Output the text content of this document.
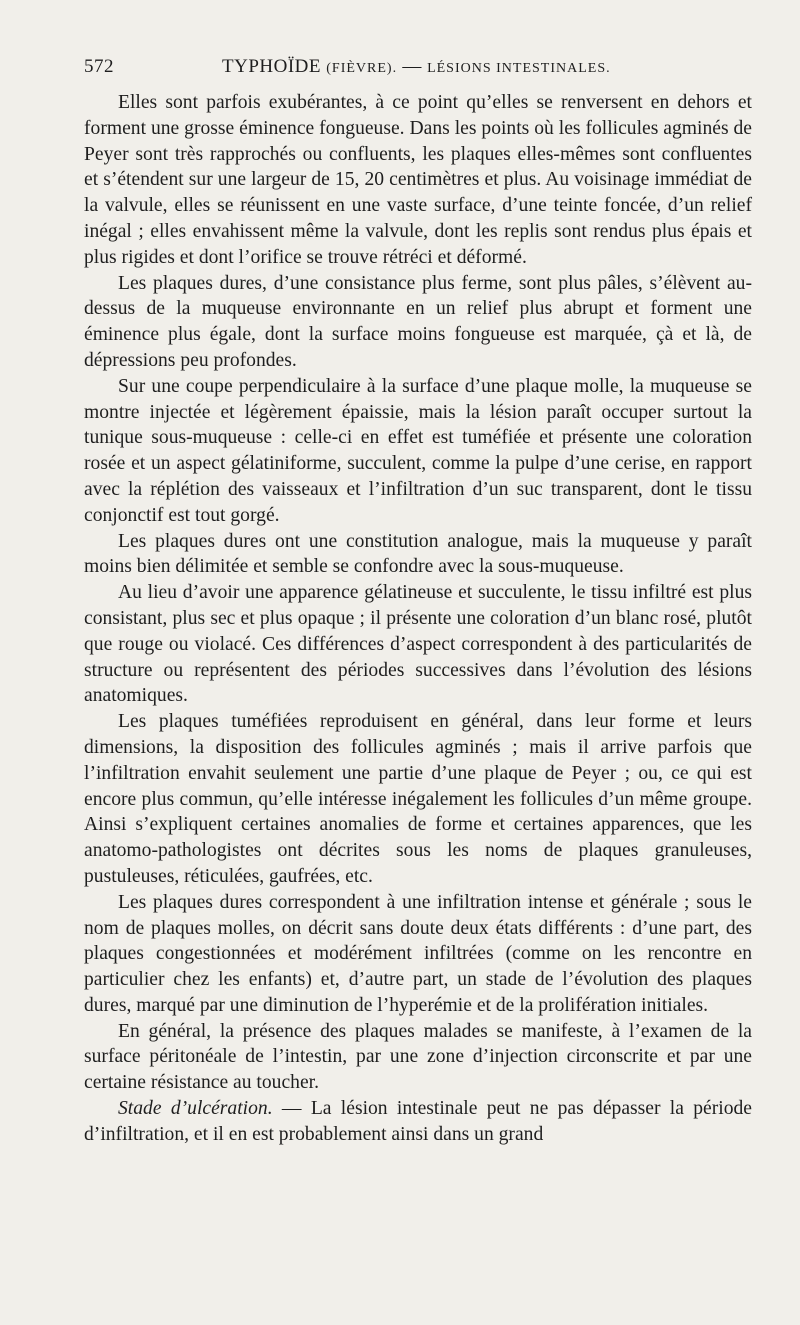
572	TYPHOÏDE (FIÈVRE). — LÉSIONS INTESTINALES.

Elles sont parfois exubérantes, à ce point qu’elles se renversent en dehors et forment une grosse éminence fongueuse. Dans les points où les follicules agminés de Peyer sont très rapprochés ou confluents, les plaques elles-mêmes sont confluentes et s’étendent sur une largeur de 15, 20 centimètres et plus. Au voisinage immédiat de la valvule, elles se réunissent en une vaste surface, d’une teinte foncée, d’un relief inégal ; elles envahissent même la valvule, dont les replis sont rendus plus épais et plus rigides et dont l’orifice se trouve rétréci et déformé.

Les plaques dures, d’une consistance plus ferme, sont plus pâles, s’élèvent au-dessus de la muqueuse environnante en un relief plus abrupt et forment une éminence plus égale, dont la surface moins fongueuse est marquée, çà et là, de dépressions peu profondes.

Sur une coupe perpendiculaire à la surface d’une plaque molle, la muqueuse se montre injectée et légèrement épaissie, mais la lésion paraît occuper surtout la tunique sous-muqueuse : celle-ci en effet est tuméfiée et présente une coloration rosée et un aspect gélatiniforme, succulent, comme la pulpe d’une cerise, en rapport avec la réplétion des vaisseaux et l’infiltration d’un suc transparent, dont le tissu conjonctif est tout gorgé.

Les plaques dures ont une constitution analogue, mais la muqueuse y paraît moins bien délimitée et semble se confondre avec la sous-muqueuse.

Au lieu d’avoir une apparence gélatineuse et succulente, le tissu infiltré est plus consistant, plus sec et plus opaque ; il présente une coloration d’un blanc rosé, plutôt que rouge ou violacé. Ces différences d’aspect correspondent à des particularités de structure ou représentent des périodes successives dans l’évolution des lésions anatomiques.

Les plaques tuméfiées reproduisent en général, dans leur forme et leurs dimensions, la disposition des follicules agminés ; mais il arrive parfois que l’infiltration envahit seulement une partie d’une plaque de Peyer ; ou, ce qui est encore plus commun, qu’elle intéresse inégalement les follicules d’un même groupe. Ainsi s’expliquent certaines anomalies de forme et certaines apparences, que les anatomo-pathologistes ont décrites sous les noms de plaques granuleuses, pustuleuses, réticulées, gaufrées, etc.

Les plaques dures correspondent à une infiltration intense et générale ; sous le nom de plaques molles, on décrit sans doute deux états différents : d’une part, des plaques congestionnées et modérément infiltrées (comme on les rencontre en particulier chez les enfants) et, d’autre part, un stade de l’évolution des plaques dures, marqué par une diminution de l’hyperémie et de la prolifération initiales.

En général, la présence des plaques malades se manifeste, à l’examen de la surface péritonéale de l’intestin, par une zone d’injection circonscrite et par une certaine résistance au toucher.

Stade d’ulcération. — La lésion intestinale peut ne pas dépasser la période d’infiltration, et il en est probablement ainsi dans un grand
